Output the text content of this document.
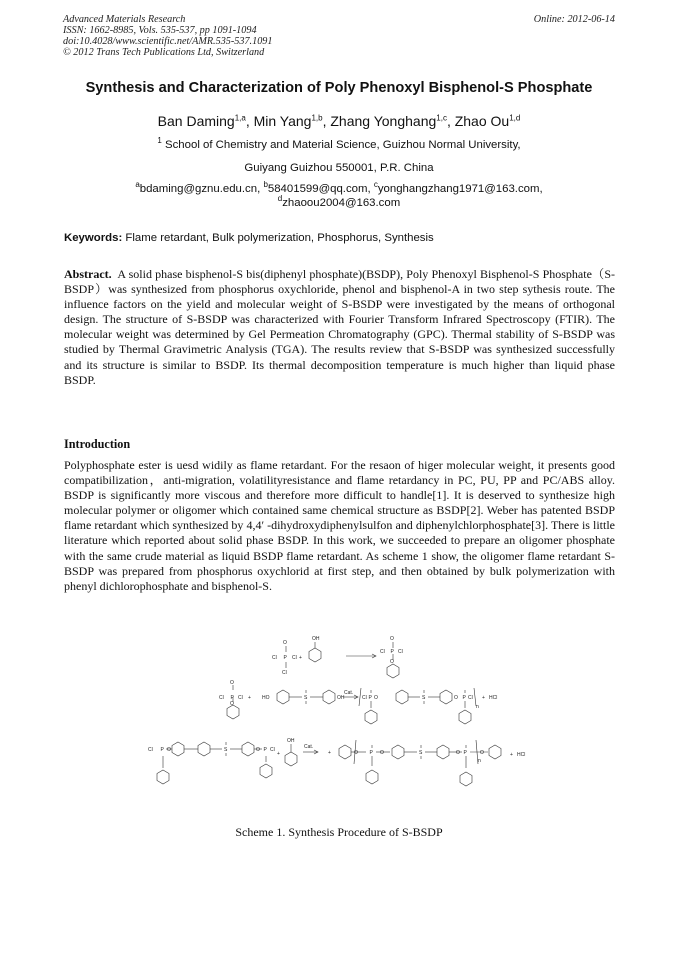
Advanced Materials Research
ISSN: 1662-8985, Vols. 535-537, pp 1091-1094
doi:10.4028/www.scientific.net/AMR.535-537.1091
© 2012 Trans Tech Publications Ltd, Switzerland
Online: 2012-06-14
Synthesis and Characterization of Poly Phenoxyl Bisphenol-S Phosphate
Ban Daming$^{1,a}$, Min Yang$^{1,b}$, Zhang Yonghang$^{1,c}$, Zhao Ou$^{1,d}$
$^1$ School of Chemistry and Material Science, Guizhou Normal University,
Guiyang Guizhou 550001, P.R. China
$^a$bdaming@gznu.edu.cn, $^b$58401599@qq.com, $^c$yonghangzhang1971@163.com,
$^d$zhaoou2004@163.com
Keywords: Flame retardant, Bulk polymerization, Phosphorus, Synthesis
Abstract. A solid phase bisphenol-S bis(diphenyl phosphate)(BSDP), Poly Phenoxyl Bisphenol-S Phosphate（S-BSDP）was synthesized from phosphorus oxychloride, phenol and bisphenol-A in two step sythesis route. The influence factors on the yield and molecular weight of S-BSDP were investigated by the means of orthogonal design. The structure of S-BSDP was characterized with Fourier Transform Infrared Spectroscopy (FTIR). The molecular weight was determined by Gel Permeation Chromatography (GPC). Thermal stability of S-BSDP was studied by Thermal Gravimetric Analysis (TGA). The results review that S-BSDP was synthesized successfully and its structure is similar to BSDP. Its thermal decomposition temperature is much higher than liquid phase BSDP.
Introduction
Polyphosphate ester is uesd widily as flame retardant. For the resaon of higer molecular weight, it presents good compatibilization，anti-migration, volatilityresistance and flame retardancy in PC, PU, PP and PC/ABS alloy. BSDP is significantly more viscous and therefore more difficult to handle[1]. It is deserved to synthesize high molecular polymer or oligomer which contained same chemical structure as BSDP[2]. Weber has patented BSDP flame retardant which synthesized by 4,4′ -dihydroxydiphenylsulfon and diphenylchlorphosphate[3]. There is little literature which reported about solid phase BSDP. In this work, we succeeded to prepare an oligomer phosphate with the same crude material as liquid BSDP flame retardant. As scheme 1 show, the oligomer flame retardant S-BSDP was prepared from phosphorus oxychlorid at first step, and then obtained by bulk polymerization with phenyl dichlorophosphate and bisphenol-S.
Cl P Cl
O
Cl
+
OH
Cl P Cl
O
O
Cl P Cl
O
O
+ HO	S	OH
Cat.
Cl P O	S	O P Cl
n
+ HCl
Cl P O	S	O P Cl
+
OH
Cat.
+	O P O	S	O P
n
O	+ HCl
Scheme 1. Synthesis Procedure of S-BSDP
